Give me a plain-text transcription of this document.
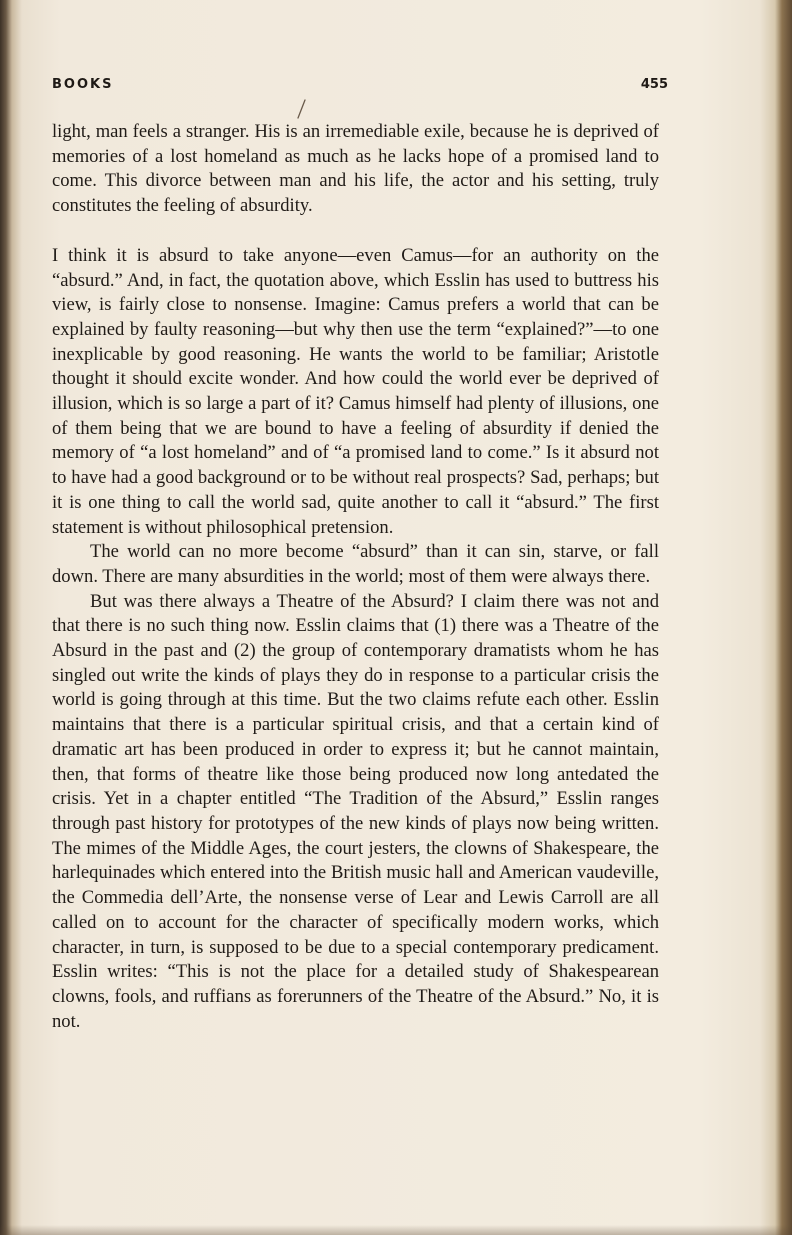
BOOKS	455

light, man feels a stranger. His is an irremediable exile, because he is deprived of memories of a lost homeland as much as he lacks hope of a promised land to come. This divorce between man and his life, the actor and his setting, truly constitutes the feeling of absurdity.

I think it is absurd to take anyone—even Camus—for an authority on the “absurd.” And, in fact, the quotation above, which Esslin has used to buttress his view, is fairly close to nonsense. Imagine: Camus prefers a world that can be explained by faulty reasoning—but why then use the term “explained?”—to one inexplicable by good reasoning. He wants the world to be familiar; Aristotle thought it should excite wonder. And how could the world ever be deprived of illusion, which is so large a part of it? Camus himself had plenty of illusions, one of them being that we are bound to have a feeling of absurdity if denied the memory of “a lost homeland” and of “a promised land to come.” Is it absurd not to have had a good background or to be without real prospects? Sad, perhaps; but it is one thing to call the world sad, quite another to call it “absurd.” The first statement is without philosophical pretension.

The world can no more become “absurd” than it can sin, starve, or fall down. There are many absurdities in the world; most of them were always there.

But was there always a Theatre of the Absurd? I claim there was not and that there is no such thing now. Esslin claims that (1) there was a Theatre of the Absurd in the past and (2) the group of contemporary dramatists whom he has singled out write the kinds of plays they do in response to a particular crisis the world is going through at this time. But the two claims refute each other. Esslin maintains that there is a particular spiritual crisis, and that a certain kind of dramatic art has been produced in order to express it; but he cannot maintain, then, that forms of theatre like those being produced now long antedated the crisis. Yet in a chapter entitled “The Tradition of the Absurd,” Esslin ranges through past history for prototypes of the new kinds of plays now being written. The mimes of the Middle Ages, the court jesters, the clowns of Shakespeare, the harlequinades which entered into the British music hall and American vaudeville, the Commedia dell’Arte, the nonsense verse of Lear and Lewis Carroll are all called on to account for the character of specifically modern works, which character, in turn, is supposed to be due to a special contemporary predicament. Esslin writes: “This is not the place for a detailed study of Shakespearean clowns, fools, and ruffians as forerunners of the Theatre of the Absurd.” No, it is not.
